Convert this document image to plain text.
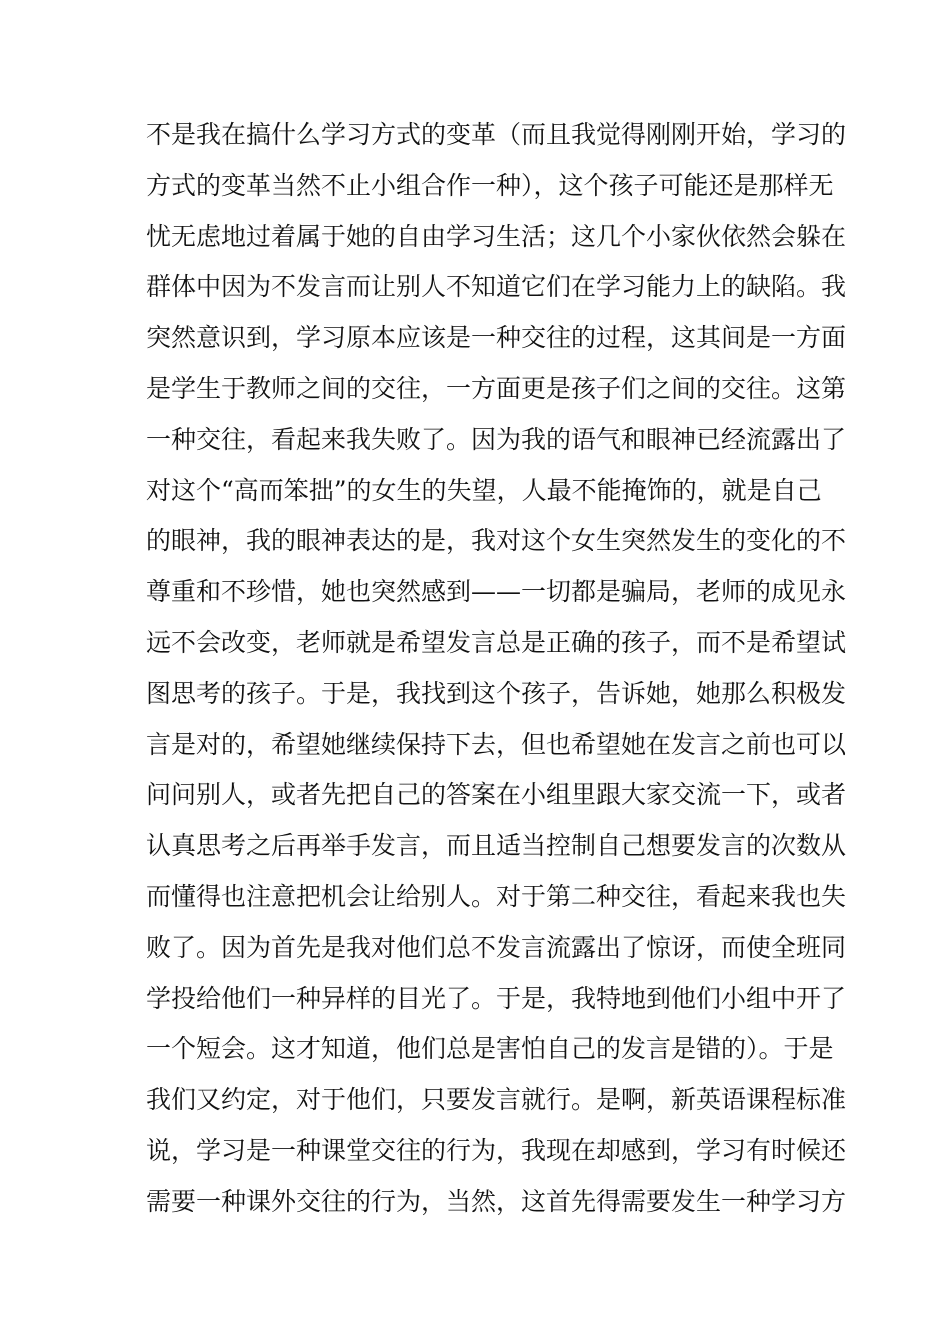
不是我在搞什么学习方式的变革（而且我觉得刚刚开始，学习的
方式的变革当然不止小组合作一种），这个孩子可能还是那样无
忧无虑地过着属于她的自由学习生活；这几个小家伙依然会躲在
群体中因为不发言而让别人不知道它们在学习能力上的缺陷。我
突然意识到，学习原本应该是一种交往的过程，这其间是一方面
是学生于教师之间的交往，一方面更是孩子们之间的交往。这第
一种交往，看起来我失败了。因为我的语气和眼神已经流露出了
对这个“高而笨拙”的女生的失望，人最不能掩饰的，就是自己
的眼神，我的眼神表达的是，我对这个女生突然发生的变化的不
尊重和不珍惜，她也突然感到——一切都是骗局，老师的成见永
远不会改变，老师就是希望发言总是正确的孩子，而不是希望试
图思考的孩子。于是，我找到这个孩子，告诉她，她那么积极发
言是对的，希望她继续保持下去，但也希望她在发言之前也可以
问问别人，或者先把自己的答案在小组里跟大家交流一下，或者
认真思考之后再举手发言，而且适当控制自己想要发言的次数从
而懂得也注意把机会让给别人。对于第二种交往，看起来我也失
败了。因为首先是我对他们总不发言流露出了惊讶，而使全班同
学投给他们一种异样的目光了。于是，我特地到他们小组中开了
一个短会。这才知道，他们总是害怕自己的发言是错的）。于是
我们又约定，对于他们，只要发言就行。是啊，新英语课程标准
说，学习是一种课堂交往的行为，我现在却感到，学习有时候还
需要一种课外交往的行为，当然，这首先得需要发生一种学习方
